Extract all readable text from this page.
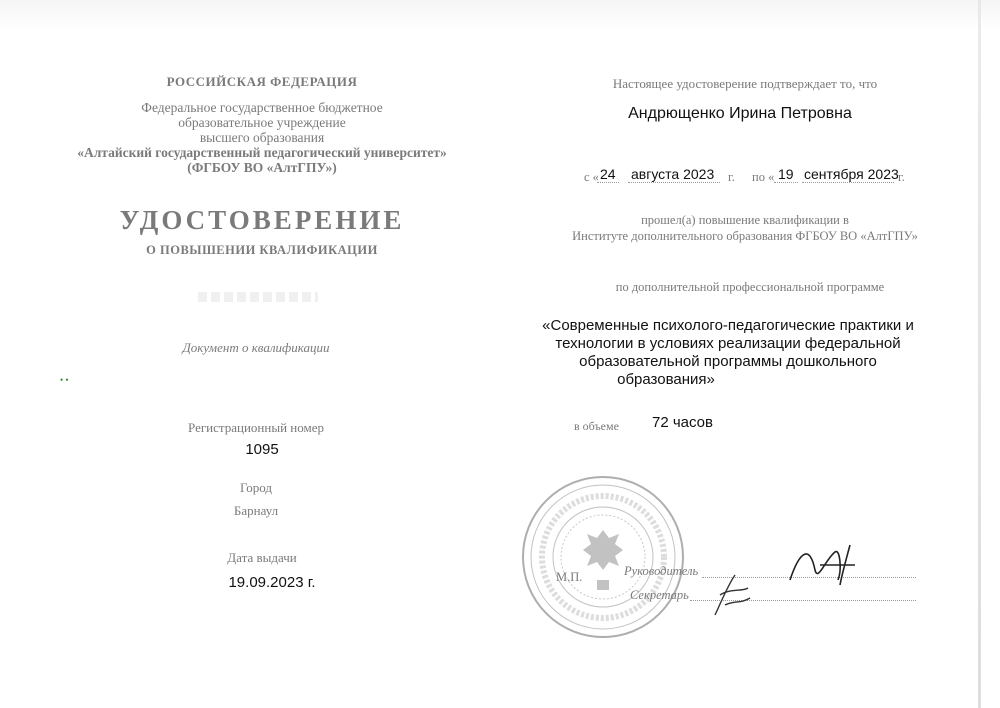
РОССИЙСКАЯ ФЕДЕРАЦИЯ
Федеральное государственное бюджетное
образовательное учреждение
высшего образования
«Алтайский государственный педагогический университет»
(ФГБОУ ВО «АлтГПУ»)
УДОСТОВЕРЕНИЕ
О ПОВЫШЕНИИ КВАЛИФИКАЦИИ
Документ о квалификации
• •
Регистрационный номер
1095
Город
Барнаул
Дата выдачи
19.09.2023 г.
Настоящее удостоверение подтверждает то, что
Андрющенко Ирина Петровна
с « 24 августа 2023 г. по « 19 сентября 2023 г.
прошел(а) повышение квалификации в
Институте дополнительного образования ФГБОУ ВО «АлтГПУ»
по дополнительной профессиональной программе
«Современные психолого-педагогические практики и
технологии в условиях реализации федеральной
образовательной программы дошкольного
образования»
в объеме 72 часов
М.П.	Руководитель
Секретарь
